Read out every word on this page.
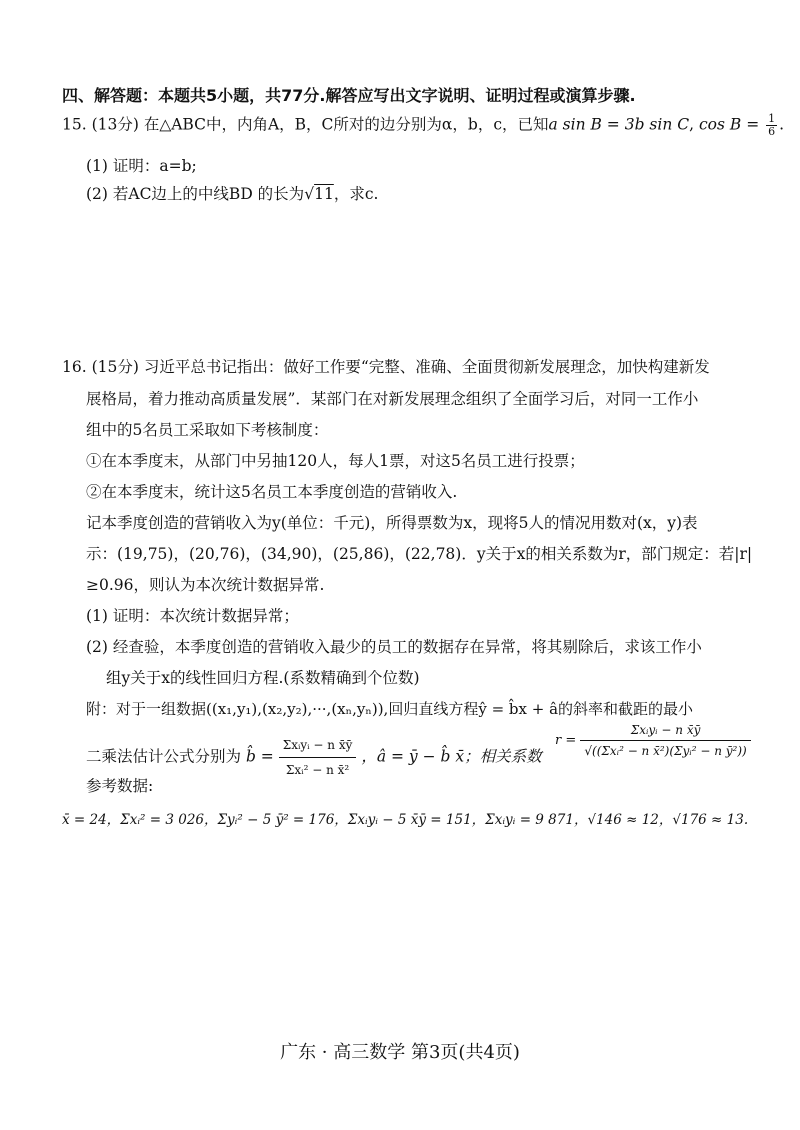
四、解答题：本题共5小题，共77分.解答应写出文字说明、证明过程或演算步骤.
15. (13分) 在△ABC中，内角A，B，C所对的边分别为α，b，c，已知a sin B = 3b sin C, $\cos B = \frac{1}{6}$ .
(1) 证明：a=b;
(2) 若AC边上的中线BD 的长为√11，求c.
16. (15分) 习近平总书记指出：做好工作要“完整、准确、全面贯彻新发展理念，加快构建新发
展格局，着力推动高质量发展”．某部门在对新发展理念组织了全面学习后，对同一工作小
组中的5名员工采取如下考核制度：
①在本季度末，从部门中另抽120人，每人1票，对这5名员工进行投票；
②在本季度末，统计这5名员工本季度创造的营销收入.
记本季度创造的营销收入为y(单位：千元)，所得票数为x，现将5人的情况用数对(x，y)表
示：(19,75)，(20,76)，(34,90)，(25,86)，(22,78)．y关于x的相关系数为r，部门规定：若|r|
≥0.96，则认为本次统计数据异常.
(1) 证明：本次统计数据异常；
(2) 经查验，本季度创造的营销收入最少的员工的数据存在异常，将其剔除后，求该工作小
组y关于x的线性回归方程.(系数精确到个位数)
附：对于一组数据((x₁,y₁),(x₂,y₂),···,(xₙ,yₙ)),回归直线方程ŷ = b̂x + â的斜率和截距的最小
二乘法估计公式分别为 b̂ = $\frac{\text{Σxᵢyᵢ − n x̄ȳ}}{\text{Σxᵢ² − n x̄²}}$ ，â = ȳ − b̂ x̄；相关系数
$r = \frac{\text{Σxᵢyᵢ − n x̄ȳ}}{\text{√((Σxᵢ² − n x̄²)(Σyᵢ² − n ȳ²))}}$
参考数据:
x̄ = 24，Σxᵢ² = 3 026，Σyᵢ² − 5 ȳ² = 176，Σxᵢyᵢ − 5 x̄ȳ = 151，Σxᵢyᵢ = 9 871，√146 ≈ 12，√176 ≈ 13.
广东 · 高三数学 第3页(共4页)
